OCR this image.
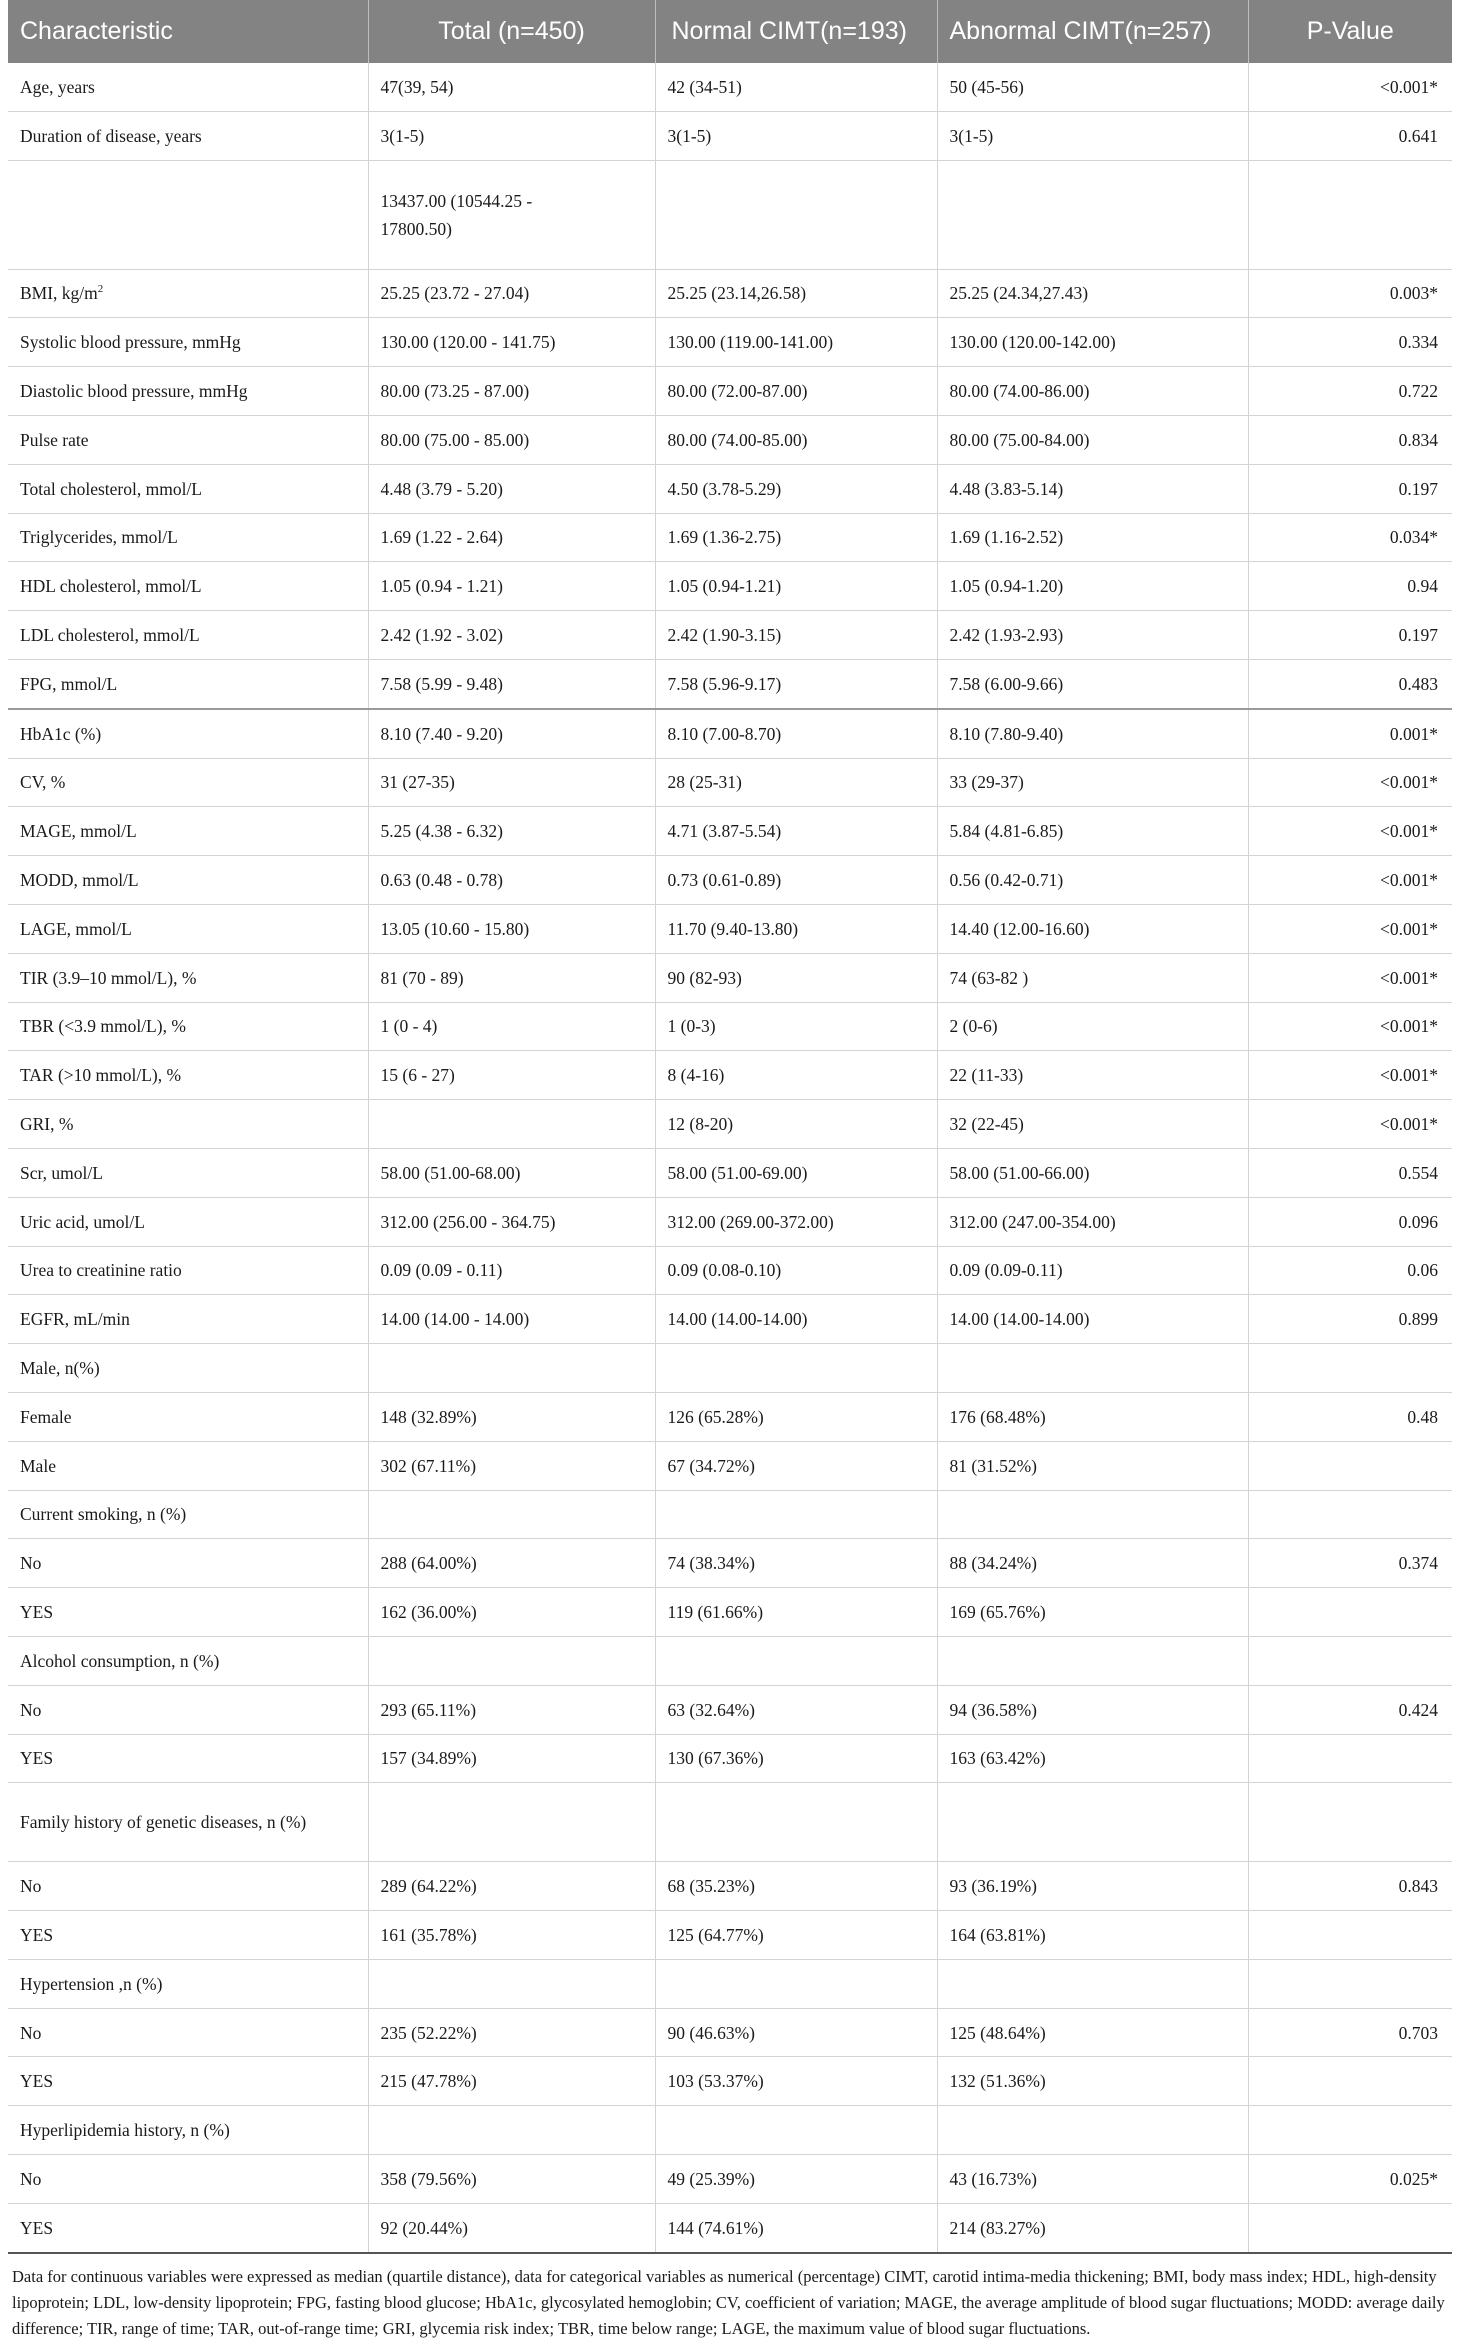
Characteristic	Total (n=450)	Normal CIMT(n=193)	Abnormal CIMT(n=257)	P-Value
Age, years	47(39, 54)	42 (34-51)	50 (45-56)	<0.001*
Duration of disease, years	3(1-5)	3(1-5)	3(1-5)	0.641

	13437.00 (10544.25 - 17800.50)			

BMI, $kg/m^2$	25.25 (23.72 - 27.04)	25.25 (23.14,26.58)	25.25 (24.34,27.43)	0.003*
Systolic blood pressure, mmHg	130.00 (120.00 - 141.75)	130.00 (119.00-141.00)	130.00 (120.00-142.00)	0.334
Diastolic blood pressure, mmHg	80.00 (73.25 - 87.00)	80.00 (72.00-87.00)	80.00 (74.00-86.00)	0.722
Pulse rate	80.00 (75.00 - 85.00)	80.00 (74.00-85.00)	80.00 (75.00-84.00)	0.834
Total cholesterol, mmol/L	4.48 (3.79 - 5.20)	4.50 (3.78-5.29)	4.48 (3.83-5.14)	0.197
Triglycerides, mmol/L	1.69 (1.22 - 2.64)	1.69 (1.36-2.75)	1.69 (1.16-2.52)	0.034*
HDL cholesterol, mmol/L	1.05 (0.94 - 1.21)	1.05 (0.94-1.21)	1.05 (0.94-1.20)	0.94
LDL cholesterol, mmol/L	2.42 (1.92 - 3.02)	2.42 (1.90-3.15)	2.42 (1.93-2.93)	0.197
FPG, mmol/L	7.58 (5.99 - 9.48)	7.58 (5.96-9.17)	7.58 (6.00-9.66)	0.483
HbA1c (%)	8.10 (7.40 - 9.20)	8.10 (7.00-8.70)	8.10 (7.80-9.40)	0.001*
CV, %	31 (27-35)	28 (25-31)	33 (29-37)	<0.001*
MAGE, mmol/L	5.25 (4.38 - 6.32)	4.71 (3.87-5.54)	5.84 (4.81-6.85)	<0.001*
MODD, mmol/L	0.63 (0.48 - 0.78)	0.73 (0.61-0.89)	0.56 (0.42-0.71)	<0.001*
LAGE, mmol/L	13.05 (10.60 - 15.80)	11.70 (9.40-13.80)	14.40 (12.00-16.60)	<0.001*
TIR (3.9–10 mmol/L), %	81 (70 - 89)	90 (82-93)	74 (63-82 )	<0.001*
TBR (<3.9 mmol/L), %	1 (0 - 4)	1 (0-3)	2 (0-6)	<0.001*
TAR (>10 mmol/L), %	15 (6 - 27)	8 (4-16)	22 (11-33)	<0.001*
GRI, %		12 (8-20)	32 (22-45)	<0.001*
Scr, umol/L	58.00 (51.00-68.00)	58.00 (51.00-69.00)	58.00 (51.00-66.00)	0.554
Uric acid, umol/L	312.00 (256.00 - 364.75)	312.00 (269.00-372.00)	312.00 (247.00-354.00)	0.096
Urea to creatinine ratio	0.09 (0.09 - 0.11)	0.09 (0.08-0.10)	0.09 (0.09-0.11)	0.06
EGFR, mL/min	14.00 (14.00 - 14.00)	14.00 (14.00-14.00)	14.00 (14.00-14.00)	0.899
Male, n(%)				
Female	148 (32.89%)	126 (65.28%)	176 (68.48%)	0.48
Male	302 (67.11%)	67 (34.72%)	81 (31.52%)	
Current smoking, n (%)				
No	288 (64.00%)	74 (38.34%)	88 (34.24%)	0.374
YES	162 (36.00%)	119 (61.66%)	169 (65.76%)	
Alcohol consumption, n (%)				
No	293 (65.11%)	63 (32.64%)	94 (36.58%)	0.424
YES	157 (34.89%)	130 (67.36%)	163 (63.42%)	
Family history of genetic diseases, n (%)				
No	289 (64.22%)	68 (35.23%)	93 (36.19%)	0.843
YES	161 (35.78%)	125 (64.77%)	164 (63.81%)	
Hypertension ,n (%)				
No	235 (52.22%)	90 (46.63%)	125 (48.64%)	0.703
YES	215 (47.78%)	103 (53.37%)	132 (51.36%)	
Hyperlipidemia history, n (%)				
No	358 (79.56%)	49 (25.39%)	43 (16.73%)	0.025*
YES	92 (20.44%)	144 (74.61%)	214 (83.27%)	
Data for continuous variables were expressed as median (quartile distance), data for categorical variables as numerical (percentage) CIMT, carotid intima-media thickening; BMI, body mass index; HDL, high-density lipoprotein; LDL, low-density lipoprotein; FPG, fasting blood glucose; HbA1c, glycosylated hemoglobin; CV, coefficient of variation; MAGE, the average amplitude of blood sugar fluctuations; MODD: average daily difference; TIR, range of time; TAR, out-of-range time; GRI, glycemia risk index; TBR, time below range; LAGE, the maximum value of blood sugar fluctuations.
